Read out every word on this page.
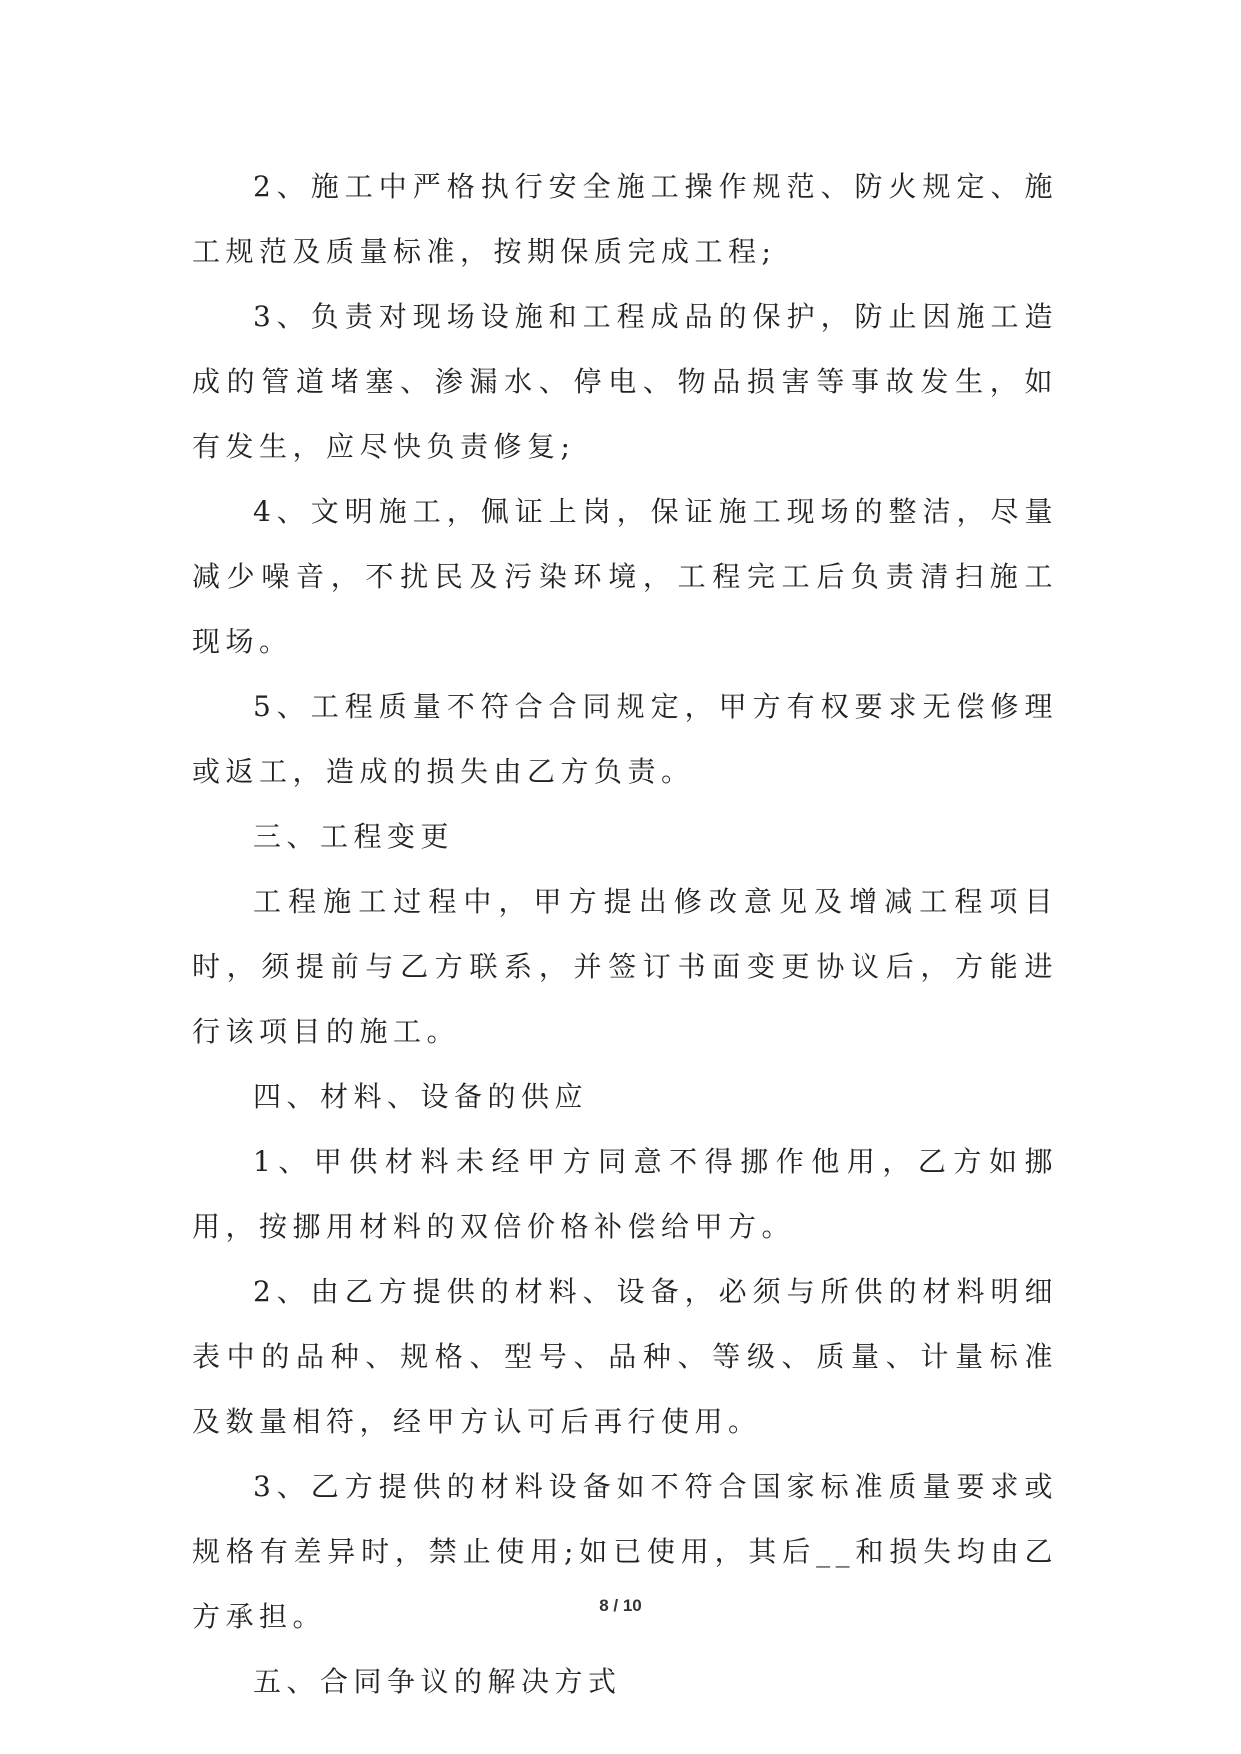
2、施工中严格执行安全施工操作规范、防火规定、施工规范及质量标准，按期保质完成工程;

3、负责对现场设施和工程成品的保护，防止因施工造成的管道堵塞、渗漏水、停电、物品损害等事故发生，如有发生，应尽快负责修复;

4、文明施工，佩证上岗，保证施工现场的整洁，尽量减少噪音，不扰民及污染环境，工程完工后负责清扫施工现场。

5、工程质量不符合合同规定，甲方有权要求无偿修理或返工，造成的损失由乙方负责。

三、工程变更

工程施工过程中，甲方提出修改意见及增减工程项目时，须提前与乙方联系，并签订书面变更协议后，方能进行该项目的施工。

四、材料、设备的供应

1、甲供材料未经甲方同意不得挪作他用，乙方如挪用，按挪用材料的双倍价格补偿给甲方。

2、由乙方提供的材料、设备，必须与所供的材料明细表中的品种、规格、型号、品种、等级、质量、计量标准及数量相符，经甲方认可后再行使用。

3、乙方提供的材料设备如不符合国家标准质量要求或规格有差异时，禁止使用;如已使用，其后__和损失均由乙方承担。

五、合同争议的解决方式

8 / 10
